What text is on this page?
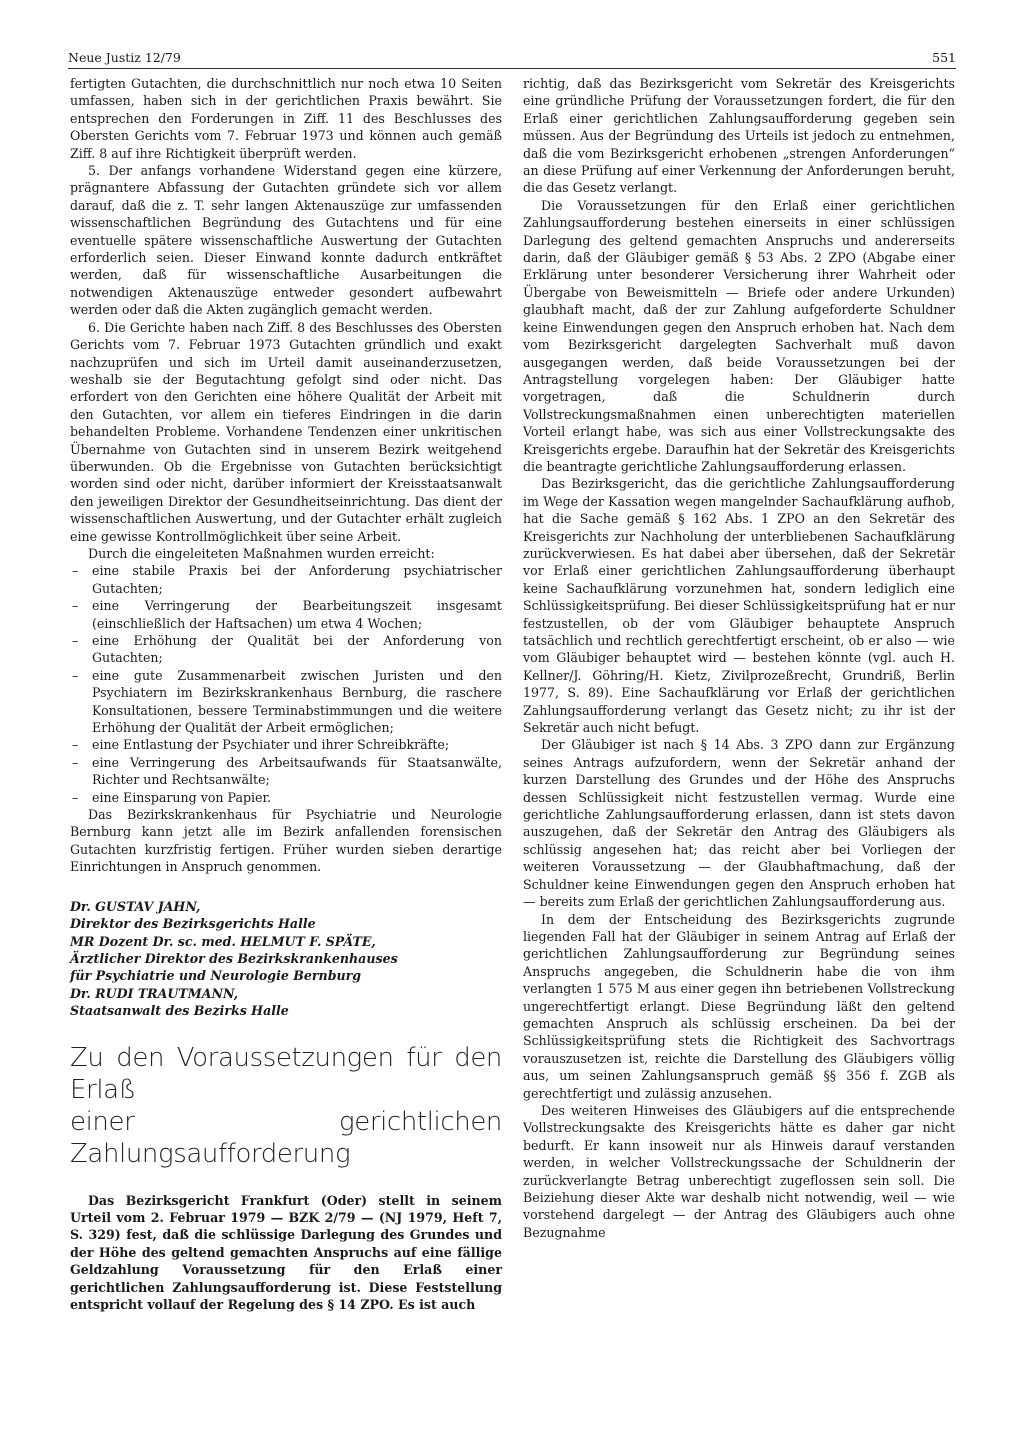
Neue Justiz 12/79	551

fertigten Gutachten, die durchschnittlich nur noch etwa 10 Seiten umfassen, haben sich in der gerichtlichen Praxis bewährt. Sie entsprechen den Forderungen in Ziff. 11 des Beschlusses des Obersten Gerichts vom 7. Februar 1973 und können auch gemäß Ziff. 8 auf ihre Richtigkeit überprüft werden.

5. Der anfangs vorhandene Widerstand gegen eine kürzere, prägnantere Abfassung der Gutachten gründete sich vor allem darauf, daß die z. T. sehr langen Aktenauszüge zur umfassenden wissenschaftlichen Begründung des Gutachtens und für eine eventuelle spätere wissenschaftliche Auswertung der Gutachten erforderlich seien. Dieser Einwand konnte dadurch entkräftet werden, daß für wissenschaftliche Ausarbeitungen die notwendigen Aktenauszüge entweder gesondert aufbewahrt werden oder daß die Akten zugänglich gemacht werden.

6. Die Gerichte haben nach Ziff. 8 des Beschlusses des Obersten Gerichts vom 7. Februar 1973 Gutachten gründlich und exakt nachzuprüfen und sich im Urteil damit auseinanderzusetzen, weshalb sie der Begutachtung gefolgt sind oder nicht. Das erfordert von den Gerichten eine höhere Qualität der Arbeit mit den Gutachten, vor allem ein tieferes Eindringen in die darin behandelten Probleme. Vorhandene Tendenzen einer unkritischen Übernahme von Gutachten sind in unserem Bezirk weitgehend überwunden. Ob die Ergebnisse von Gutachten berücksichtigt worden sind oder nicht, darüber informiert der Kreisstaatsanwalt den jeweiligen Direktor der Gesundheitseinrichtung. Das dient der wissenschaftlichen Auswertung, und der Gutachter erhält zugleich eine gewisse Kontrollmöglichkeit über seine Arbeit.

Durch die eingeleiteten Maßnahmen wurden erreicht:

– eine stabile Praxis bei der Anforderung psychiatrischer Gutachten;
– eine Verringerung der Bearbeitungszeit insgesamt (einschließlich der Haftsachen) um etwa 4 Wochen;
– eine Erhöhung der Qualität bei der Anforderung von Gutachten;
– eine gute Zusammenarbeit zwischen Juristen und den Psychiatern im Bezirkskrankenhaus Bernburg, die raschere Konsultationen, bessere Terminabstimmungen und die weitere Erhöhung der Qualität der Arbeit ermöglichen;
– eine Entlastung der Psychiater und ihrer Schreibkräfte;
– eine Verringerung des Arbeitsaufwands für Staatsanwälte, Richter und Rechtsanwälte;
– eine Einsparung von Papier.

Das Bezirkskrankenhaus für Psychiatrie und Neurologie Bernburg kann jetzt alle im Bezirk anfallenden forensischen Gutachten kurzfristig fertigen. Früher wurden sieben derartige Einrichtungen in Anspruch genommen.

Dr. GUSTAV JAHN,
Direktor des Bezirksgerichts Halle
MR Dozent Dr. sc. med. HELMUT F. SPÄTE,
Ärztlicher Direktor des Bezirkskrankenhauses
für Psychiatrie und Neurologie Bernburg
Dr. RUDI TRAUTMANN,
Staatsanwalt des Bezirks Halle
Zu den Voraussetzungen für den Erlaß
einer gerichtlichen Zahlungsaufforderung

Das Bezirksgericht Frankfurt (Oder) stellt in seinem Urteil vom 2. Februar 1979 — BZK 2/79 — (NJ 1979, Heft 7, S. 329) fest, daß die schlüssige Darlegung des Grundes und der Höhe des geltend gemachten Anspruchs auf eine fällige Geldzahlung Voraussetzung für den Erlaß einer gerichtlichen Zahlungsaufforderung ist. Diese Feststellung entspricht vollauf der Regelung des § 14 ZPO. Es ist auch

richtig, daß das Bezirksgericht vom Sekretär des Kreisgerichts eine gründliche Prüfung der Voraussetzungen fordert, die für den Erlaß einer gerichtlichen Zahlungsaufforderung gegeben sein müssen. Aus der Begründung des Urteils ist jedoch zu entnehmen, daß die vom Bezirksgericht erhobenen „strengen Anforderungen“ an diese Prüfung auf einer Verkennung der Anforderungen beruht, die das Gesetz verlangt.

Die Voraussetzungen für den Erlaß einer gerichtlichen Zahlungsaufforderung bestehen einerseits in einer schlüssigen Darlegung des geltend gemachten Anspruchs und andererseits darin, daß der Gläubiger gemäß § 53 Abs. 2 ZPO (Abgabe einer Erklärung unter besonderer Versicherung ihrer Wahrheit oder Übergabe von Beweismitteln — Briefe oder andere Urkunden) glaubhaft macht, daß der zur Zahlung aufgeforderte Schuldner keine Einwendungen gegen den Anspruch erhoben hat. Nach dem vom Bezirksgericht dargelegten Sachverhalt muß davon ausgegangen werden, daß beide Voraussetzungen bei der Antragstellung vorgelegen haben: Der Gläubiger hatte vorgetragen, daß die Schuldnerin durch Vollstreckungsmaßnahmen einen unberechtigten materiellen Vorteil erlangt habe, was sich aus einer Vollstreckungsakte des Kreisgerichts ergebe. Daraufhin hat der Sekretär des Kreisgerichts die beantragte gerichtliche Zahlungsaufforderung erlassen.

Das Bezirksgericht, das die gerichtliche Zahlungsaufforderung im Wege der Kassation wegen mangelnder Sachaufklärung aufhob, hat die Sache gemäß § 162 Abs. 1 ZPO an den Sekretär des Kreisgerichts zur Nachholung der unterbliebenen Sachaufklärung zurückverwiesen. Es hat dabei aber übersehen, daß der Sekretär vor Erlaß einer gerichtlichen Zahlungsaufforderung überhaupt keine Sachaufklärung vorzunehmen hat, sondern lediglich eine Schlüssigkeitsprüfung. Bei dieser Schlüssigkeitsprüfung hat er nur festzustellen, ob der vom Gläubiger behauptete Anspruch tatsächlich und rechtlich gerechtfertigt erscheint, ob er also — wie vom Gläubiger behauptet wird — bestehen könnte (vgl. auch H. Kellner/J. Göhring/H. Kietz, Zivilprozeßrecht, Grundriß, Berlin 1977, S. 89). Eine Sachaufklärung vor Erlaß der gerichtlichen Zahlungsaufforderung verlangt das Gesetz nicht; zu ihr ist der Sekretär auch nicht befugt.

Der Gläubiger ist nach § 14 Abs. 3 ZPO dann zur Ergänzung seines Antrags aufzufordern, wenn der Sekretär anhand der kurzen Darstellung des Grundes und der Höhe des Anspruchs dessen Schlüssigkeit nicht festzustellen vermag. Wurde eine gerichtliche Zahlungsaufforderung erlassen, dann ist stets davon auszugehen, daß der Sekretär den Antrag des Gläubigers als schlüssig angesehen hat; das reicht aber bei Vorliegen der weiteren Voraussetzung — der Glaubhaftmachung, daß der Schuldner keine Einwendungen gegen den Anspruch erhoben hat — bereits zum Erlaß der gerichtlichen Zahlungsaufforderung aus.

In dem der Entscheidung des Bezirksgerichts zugrunde liegenden Fall hat der Gläubiger in seinem Antrag auf Erlaß der gerichtlichen Zahlungsaufforderung zur Begründung seines Anspruchs angegeben, die Schuldnerin habe die von ihm verlangten 1 575 M aus einer gegen ihn betriebenen Vollstreckung ungerechtfertigt erlangt. Diese Begründung läßt den geltend gemachten Anspruch als schlüssig erscheinen. Da bei der Schlüssigkeitsprüfung stets die Richtigkeit des Sachvortrags vorauszusetzen ist, reichte die Darstellung des Gläubigers völlig aus, um seinen Zahlungsanspruch gemäß §§ 356 f. ZGB als gerechtfertigt und zulässig anzusehen.

Des weiteren Hinweises des Gläubigers auf die entsprechende Vollstreckungsakte des Kreisgerichts hätte es daher gar nicht bedurft. Er kann insoweit nur als Hinweis darauf verstanden werden, in welcher Vollstreckungssache der Schuldnerin der zurückverlangte Betrag unberechtigt zugeflossen sein soll. Die Beiziehung dieser Akte war deshalb nicht notwendig, weil — wie vorstehend dargelegt — der Antrag des Gläubigers auch ohne Bezugnahme
